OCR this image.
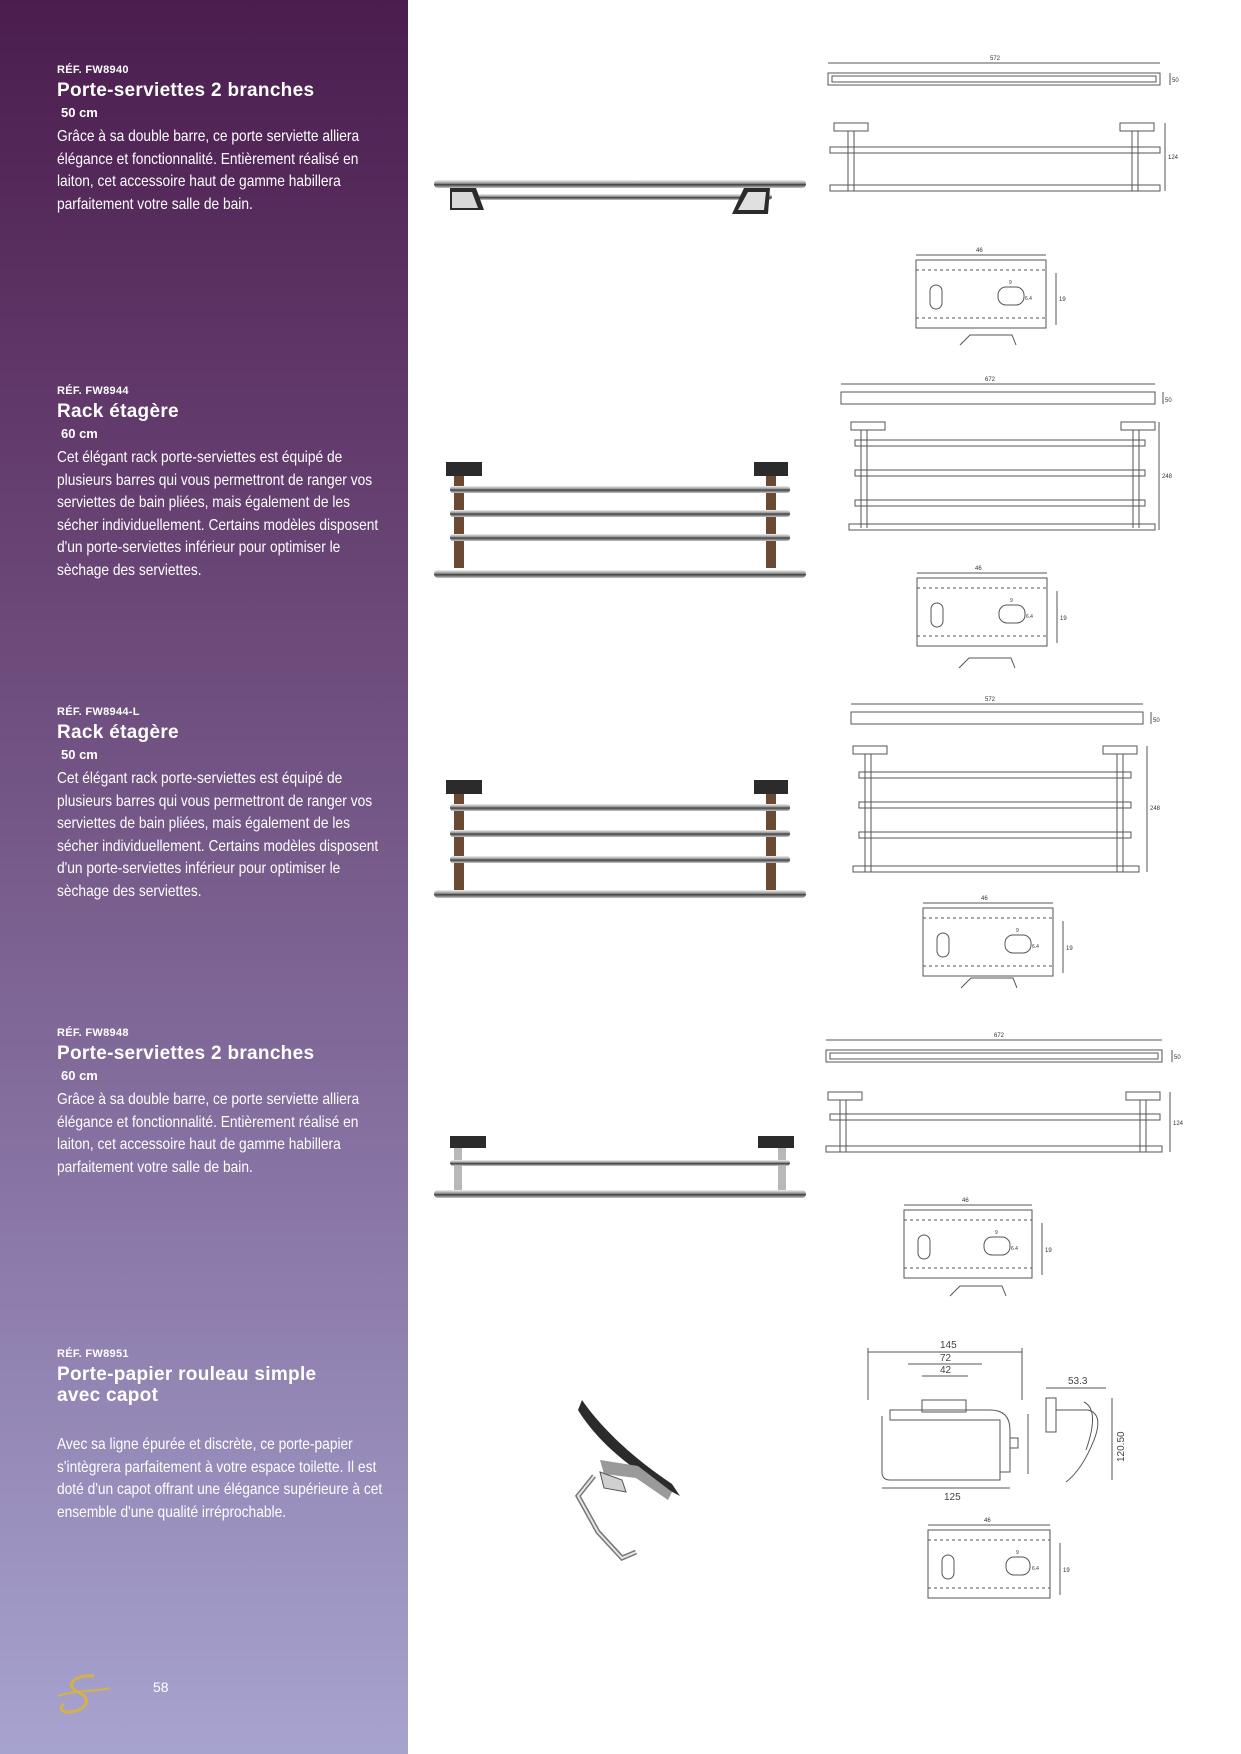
RÉF. FW8940
Porte-serviettes 2 branches
50 cm
Grâce à sa double barre, ce porte serviette alliera élégance et fonctionnalité. Entièrement réalisé en laiton, cet accessoire haut de gamme habillera parfaitement votre salle de bain.
RÉF. FW8944
Rack étagère
60 cm
Cet élégant rack porte-serviettes est équipé de plusieurs barres qui vous permettront de ranger vos serviettes de bain pliées, mais également de les sécher individuellement. Certains modèles disposent d'un porte-serviettes inférieur pour optimiser le sèchage des serviettes.
RÉF. FW8944-L
Rack étagère
50 cm
Cet élégant rack porte-serviettes est équipé de plusieurs barres qui vous permettront de ranger vos serviettes de bain pliées, mais également de les sécher individuellement. Certains modèles disposent d'un porte-serviettes inférieur pour optimiser le sèchage des serviettes.
RÉF. FW8948
Porte-serviettes 2 branches
60 cm
Grâce à sa double barre, ce porte serviette alliera élégance et fonctionnalité. Entièrement réalisé en laiton, cet accessoire haut de gamme habillera parfaitement votre salle de bain.
RÉF. FW8951
Porte-papier rouleau simple avec capot
Avec sa ligne épurée et discrète, ce porte-papier s'intègrera parfaitement à votre espace toilette. Il est doté d'un capot offrant une élégance supérieure à cet ensemble d'une qualité irréprochable.
572
50
124
46
19
9
6.4
672
50
248
46
19
9
6.4
572
50
248
46
19
9
6.4
672
50
124
46
19
9
6.4
145
72
42
125
53.3
120.50
46
19
9
6.4
58
